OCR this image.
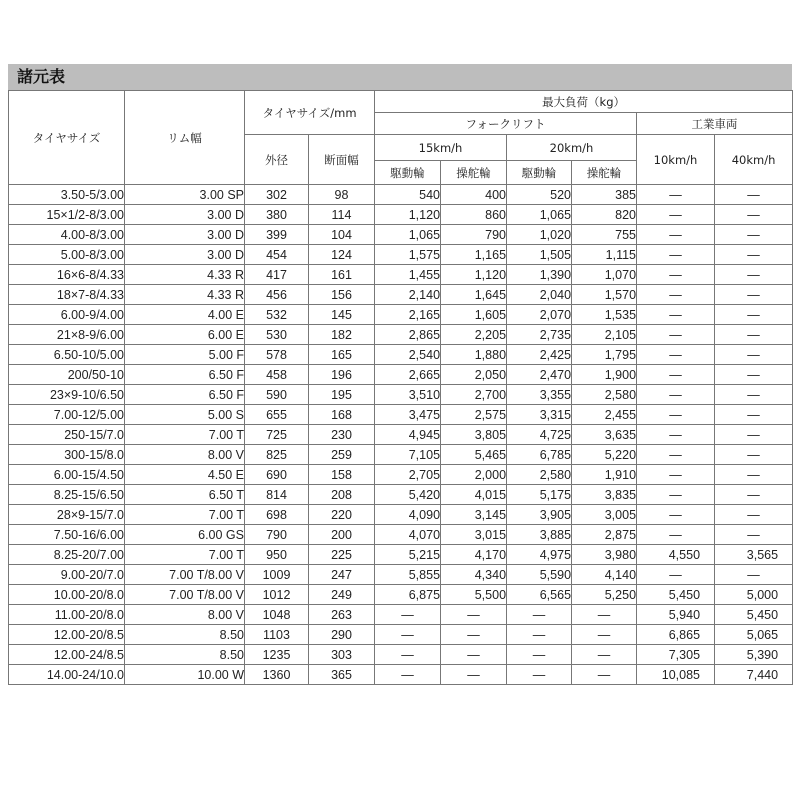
諸元表
タイヤサイズ	リム幅	タイヤサイズ/mm		最大負荷（kg）					
				フォークリフト				工業車両	
		外径	断面幅	15km/h		20km/h		10km/h	40km/h
				駆動輪	操舵輪	駆動輪	操舵輪		
3.50-5/3.00	3.00 SP	302	98	540	400	520	385	—	—
15×1/2-8/3.00	3.00 D	380	114	1,120	860	1,065	820	—	—
4.00-8/3.00	3.00 D	399	104	1,065	790	1,020	755	—	—
5.00-8/3.00	3.00 D	454	124	1,575	1,165	1,505	1,115	—	—
16×6-8/4.33	4.33 R	417	161	1,455	1,120	1,390	1,070	—	—
18×7-8/4.33	4.33 R	456	156	2,140	1,645	2,040	1,570	—	—
6.00-9/4.00	4.00 E	532	145	2,165	1,605	2,070	1,535	—	—
21×8-9/6.00	6.00 E	530	182	2,865	2,205	2,735	2,105	—	—
6.50-10/5.00	5.00 F	578	165	2,540	1,880	2,425	1,795	—	—
200/50-10	6.50 F	458	196	2,665	2,050	2,470	1,900	—	—
23×9-10/6.50	6.50 F	590	195	3,510	2,700	3,355	2,580	—	—
7.00-12/5.00	5.00 S	655	168	3,475	2,575	3,315	2,455	—	—
250-15/7.0	7.00 T	725	230	4,945	3,805	4,725	3,635	—	—
300-15/8.0	8.00 V	825	259	7,105	5,465	6,785	5,220	—	—
6.00-15/4.50	4.50 E	690	158	2,705	2,000	2,580	1,910	—	—
8.25-15/6.50	6.50 T	814	208	5,420	4,015	5,175	3,835	—	—
28×9-15/7.0	7.00 T	698	220	4,090	3,145	3,905	3,005	—	—
7.50-16/6.00	6.00 GS	790	200	4,070	3,015	3,885	2,875	—	—
8.25-20/7.00	7.00 T	950	225	5,215	4,170	4,975	3,980	4,550	3,565
9.00-20/7.0	7.00 T/8.00 V	1009	247	5,855	4,340	5,590	4,140	—	—
10.00-20/8.0	7.00 T/8.00 V	1012	249	6,875	5,500	6,565	5,250	5,450	5,000
11.00-20/8.0	8.00 V	1048	263	—	—	—	—	5,940	5,450
12.00-20/8.5	8.50	1103	290	—	—	—	—	6,865	5,065
12.00-24/8.5	8.50	1235	303	—	—	—	—	7,305	5,390
14.00-24/10.0	10.00 W	1360	365	—	—	—	—	10,085	7,440
